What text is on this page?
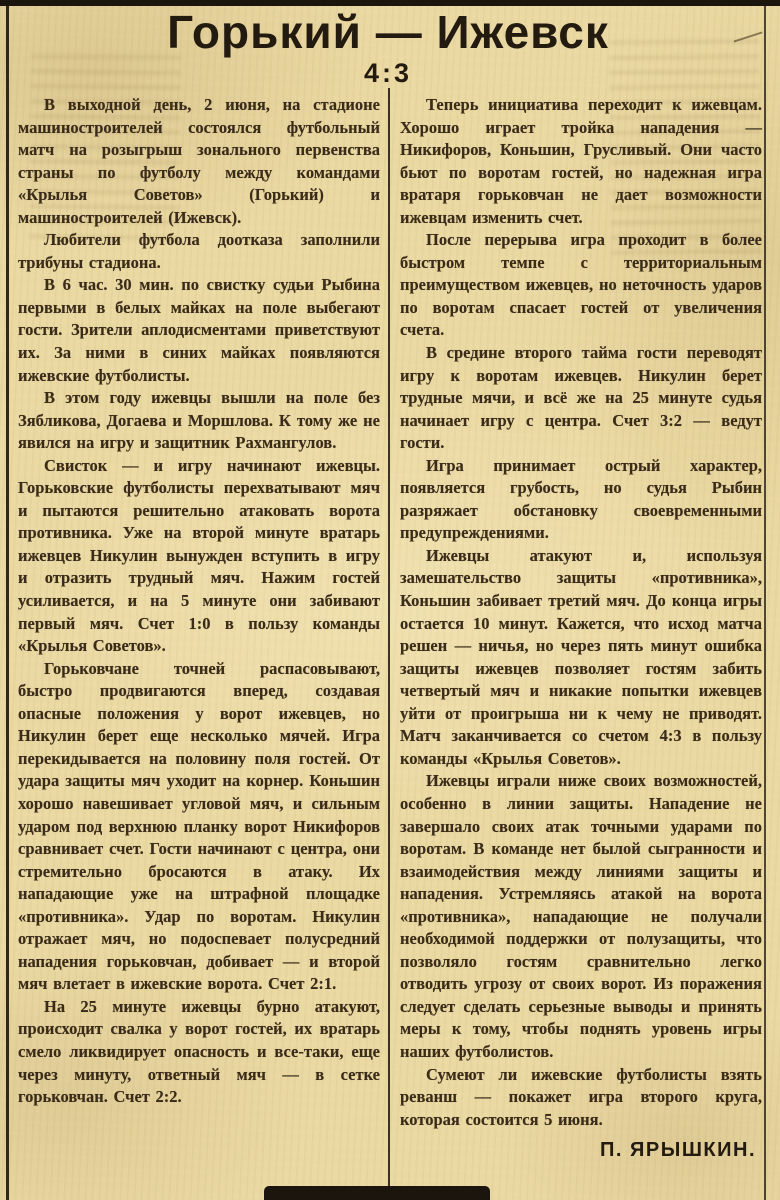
Горький — Ижевск
4:3

В выходной день, 2 июня, на стадионе машиностроителей состоялся футбольный матч на розыгрыш зонального первенства страны по футболу между командами «Крылья Советов» (Горький) и машиностроителей (Ижевск).

Любители футбола доотказа заполнили трибуны стадиона.

В 6 час. 30 мин. по свистку судьи Рыбина первыми в белых майках на поле выбегают гости. Зрители аплодисментами приветствуют их. За ними в синих майках появляются ижевские футболисты.

В этом году ижевцы вышли на поле без Зябликова, Догаева и Моршлова. К тому же не явился на игру и защитник Рахмангулов.

Свисток — и игру начинают ижевцы. Горьковские футболисты перехватывают мяч и пытаются решительно атаковать ворота противника. Уже на второй минуте вратарь ижевцев Никулин вынужден вступить в игру и отразить трудный мяч. Нажим гостей усиливается, и на 5 минуте они забивают первый мяч. Счет 1:0 в пользу команды «Крылья Советов».

Горьковчане точней распасовывают, быстро продвигаются вперед, создавая опасные положения у ворот ижевцев, но Никулин берет еще несколько мячей. Игра перекидывается на половину поля гостей. От удара защиты мяч уходит на корнер. Коньшин хорошо навешивает угловой мяч, и сильным ударом под верхнюю планку ворот Никифоров сравнивает счет. Гости начинают с центра, они стремительно бросаются в атаку. Их нападающие уже на штрафной площадке «противника». Удар по воротам. Никулин отражает мяч, но подоспевает полусредний нападения горьковчан, добивает — и второй мяч влетает в ижевские ворота. Счет 2:1.

На 25 минуте ижевцы бурно атакуют, происходит свалка у ворот гостей, их вратарь смело ликвидирует опасность и все-таки, еще через минуту, ответный мяч — в сетке горьковчан. Счет 2:2.

Теперь инициатива переходит к ижевцам. Хорошо играет тройка нападения — Никифоров, Коньшин, Грусливый. Они часто бьют по воротам гостей, но надежная игра вратаря горьковчан не дает возможности ижевцам изменить счет.

После перерыва игра проходит в более быстром темпе с территориальным преимуществом ижевцев, но неточность ударов по воротам спасает гостей от увеличения счета.

В средине второго тайма гости переводят игру к воротам ижевцев. Никулин берет трудные мячи, и всё же на 25 минуте судья начинает игру с центра. Счет 3:2 — ведут гости.

Игра принимает острый характер, появляется грубость, но судья Рыбин разряжает обстановку своевременными предупреждениями.

Ижевцы атакуют и, используя замешательство защиты «противника», Коньшин забивает третий мяч. До конца игры остается 10 минут. Кажется, что исход матча решен — ничья, но через пять минут ошибка защиты ижевцев позволяет гостям забить четвертый мяч и никакие попытки ижевцев уйти от проигрыша ни к чему не приводят. Матч заканчивается со счетом 4:3 в пользу команды «Крылья Советов».

Ижевцы играли ниже своих возможностей, особенно в линии защиты. Нападение не завершало своих атак точными ударами по воротам. В команде нет былой сыгранности и взаимодействия между линиями защиты и нападения. Устремляясь атакой на ворота «противника», нападающие не получали необходимой поддержки от полузащиты, что позволяло гостям сравнительно легко отводить угрозу от своих ворот. Из поражения следует сделать серьезные выводы и принять меры к тому, чтобы поднять уровень игры наших футболистов.

Сумеют ли ижевские футболисты взять реванш — покажет игра второго круга, которая состоится 5 июня.

П. ЯРЫШКИН.
